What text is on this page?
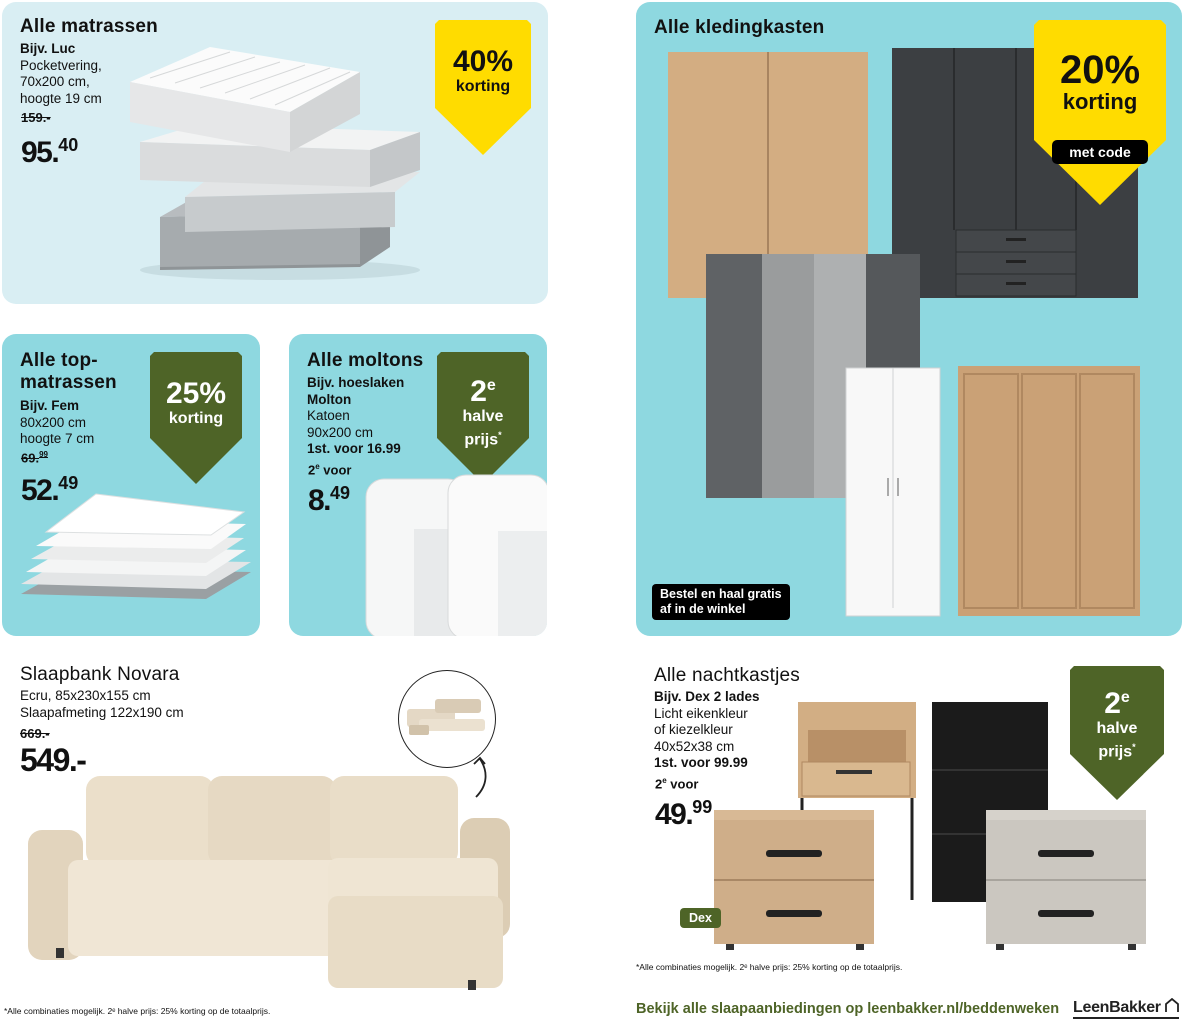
Alle matrassen
Bijv. Luc
Pocketvering,
70x200 cm,
hoogte 19 cm
159.-
95.40
40%
korting
Alle top-
matrassen
Bijv. Fem
80x200 cm
hoogte 7 cm
69.99
52.49
25%
korting
Alle moltons
Bijv. hoeslaken
Molton
Katoen
90x200 cm
1st. voor 16.99
2e voor
8.49
2e
halve
prijs*
Alle kledingkasten
20%
korting
met code
Bestel en haal gratis
af in de winkel
Slaapbank Novara
Ecru, 85x230x155 cm
Slaapafmeting 122x190 cm
669.-
549.-
Alle nachtkastjes
Bijv. Dex 2 lades
Licht eikenkleur
of kiezelkleur
40x52x38 cm
1st. voor 99.99
2e voor
49.99
2e
halve
prijs*
Dex
*Alle combinaties mogelijk. 2ᵉ halve prijs: 25% korting op de totaalprijs.
*Alle combinaties mogelijk. 2ᵉ halve prijs: 25% korting op de totaalprijs.	Bekijk alle slaapaanbiedingen op leenbakker.nl/beddenweken LeenBakker
